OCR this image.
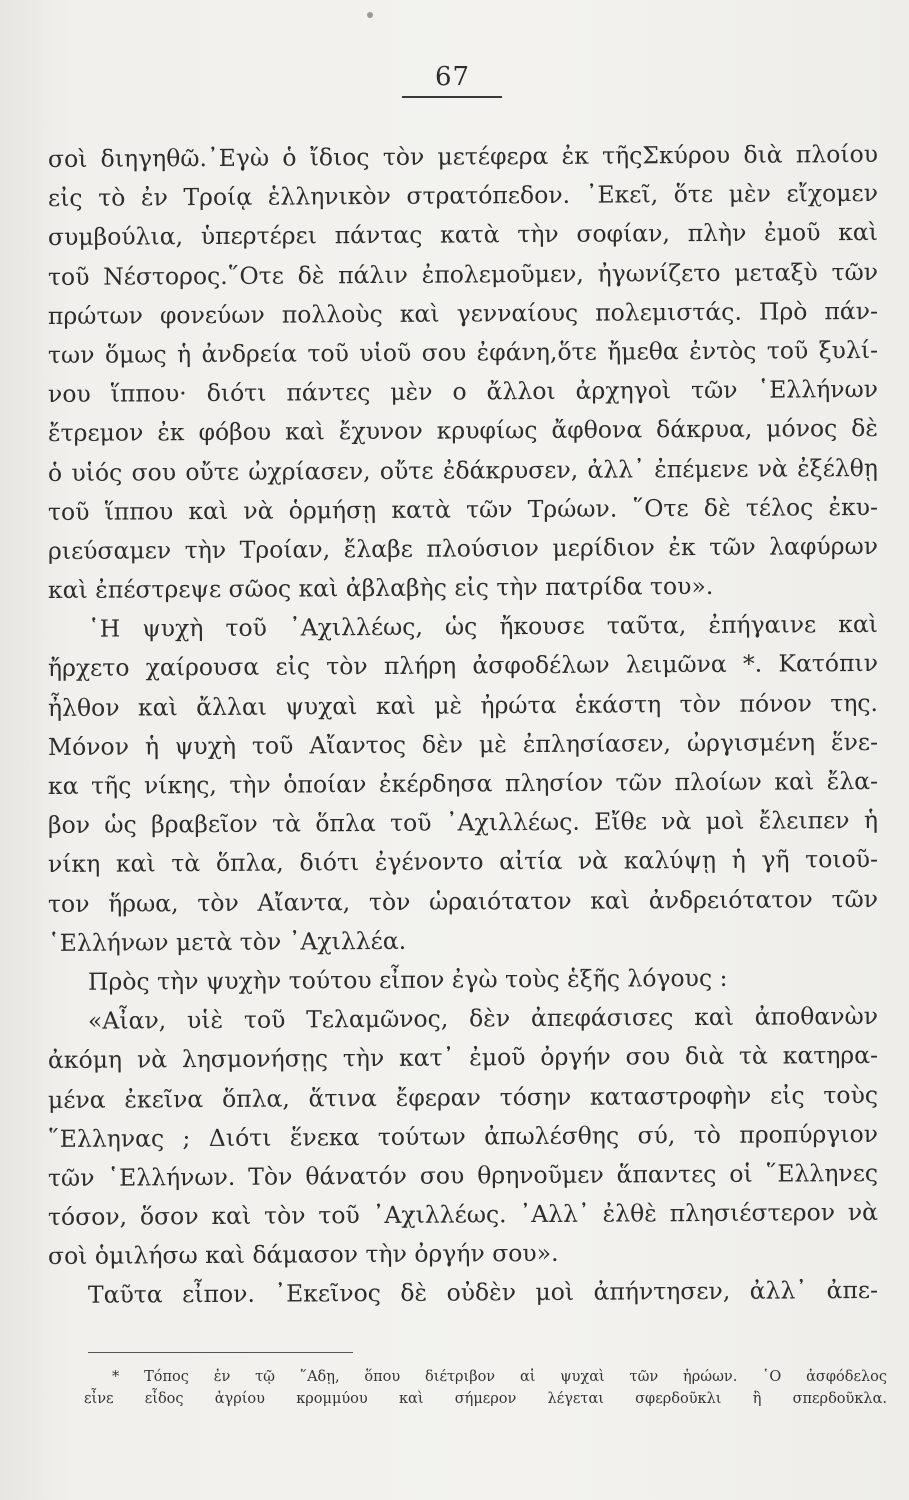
67
σοὶ διηγηθῶ.᾿Εγὼ ὁ ἴδιος τὸν μετέφερα ἐκ τῆςΣκύρου διὰ πλοίου
εἰς τὸ ἐν Τροίᾳ ἑλληνικὸν στρατόπεδον. ᾿Εκεῖ, ὅτε μὲν εἴχομεν
συμβούλια, ὑπερτέρει πάντας κατὰ τὴν σοφίαν, πλὴν ἐμοῦ καὶ
τοῦ Νέστορος.῞Οτε δὲ πάλιν ἐπολεμοῦμεν, ἠγωνίζετο μεταξὺ τῶν
πρώτων φονεύων πολλοὺς καὶ γενναίους πολεμιστάς. Πρὸ πάν-
των ὅμως ἡ ἀνδρεία τοῦ υἱοῦ σου ἐφάνη,ὅτε ἤμεθα ἐντὸς τοῦ ξυλί-
νου ἵππου· διότι πάντες μὲν ο ἄλλοι ἀρχηγοὶ τῶν ῾Ελλήνων
ἔτρεμον ἐκ φόβου καὶ ἔχυνον κρυφίως ἄφθονα δάκρυα, μόνος δὲ
ὁ υἱός σου οὔτε ὠχρίασεν, οὔτε ἐδάκρυσεν, ἀλλ᾽ ἐπέμενε νὰ ἐξέλθῃ
τοῦ ἵππου καὶ νὰ ὁρμήσῃ κατὰ τῶν Τρώων. ῞Οτε δὲ τέλος ἐκυ-
ριεύσαμεν τὴν Τροίαν, ἔλαβε πλούσιον μερίδιον ἐκ τῶν λαφύρων
καὶ ἐπέστρεψε σῶος καὶ ἀβλαβὴς εἰς τὴν πατρίδα του».
῾Η ψυχὴ τοῦ ᾿Αχιλλέως, ὡς ἤκουσε ταῦτα, ἐπήγαινε καὶ
ἤρχετο χαίρουσα εἰς τὸν πλήρη ἀσφοδέλων λειμῶνα *. Κατόπιν
ἦλθον καὶ ἄλλαι ψυχαὶ καὶ μὲ ἠρώτα ἑκάστη τὸν πόνον της.
Μόνον ἡ ψυχὴ τοῦ Αἴαντος δὲν μὲ ἐπλησίασεν, ὠργισμένη ἕνε-
κα τῆς νίκης, τὴν ὁποίαν ἐκέρδησα πλησίον τῶν πλοίων καὶ ἔλα-
βον ὡς βραβεῖον τὰ ὅπλα τοῦ ᾿Αχιλλέως. Εἴθε νὰ μοὶ ἔλειπεν ἡ
νίκη καὶ τὰ ὅπλα, διότι ἐγένοντο αἰτία νὰ καλύψῃ ἡ γῆ τοιοῦ-
τον ἥρωα, τὸν Αἴαντα, τὸν ὡραιότατον καὶ ἀνδρειότατον τῶν
῾Ελλήνων μετὰ τὸν ᾿Αχιλλέα.
Πρὸς τὴν ψυχὴν τούτου εἶπον ἐγὼ τοὺς ἑξῆς λόγους :
«Αἶαν, υἱὲ τοῦ Τελαμῶνος, δὲν ἀπεφάσισες καὶ ἀποθανὼν
ἀκόμη νὰ λησμονήσῃς τὴν κατ᾽ ἐμοῦ ὀργήν σου διὰ τὰ κατηρα-
μένα ἐκεῖνα ὅπλα, ἅτινα ἔφεραν τόσην καταστροφὴν εἰς τοὺς
῞Ελληνας ; Διότι ἕνεκα τούτων ἀπωλέσθης σύ, τὸ προπύργιον
τῶν ῾Ελλήνων. Τὸν θάνατόν σου θρηνοῦμεν ἅπαντες οἱ ῞Ελληνες
τόσον, ὅσον καὶ τὸν τοῦ ᾿Αχιλλέως. ᾿Αλλ᾽ ἐλθὲ πλησιέστερον νὰ
σοὶ ὁμιλήσω καὶ δάμασον τὴν ὀργήν σου».
Ταῦτα εἶπον. ᾿Εκεῖνος δὲ οὐδὲν μοὶ ἀπήντησεν, ἀλλ᾽ ἀπε-
* Τόπος ἐν τῷ ῞Αδῃ, ὅπου διέτριβον αἱ ψυχαὶ τῶν ἡρώων. ῾Ο ἀσφόδελος
εἶνε εἶδος ἀγρίου κρομμύου καὶ σήμερον λέγεται σφερδοῦκλι ἢ σπερδοῦκλα.
